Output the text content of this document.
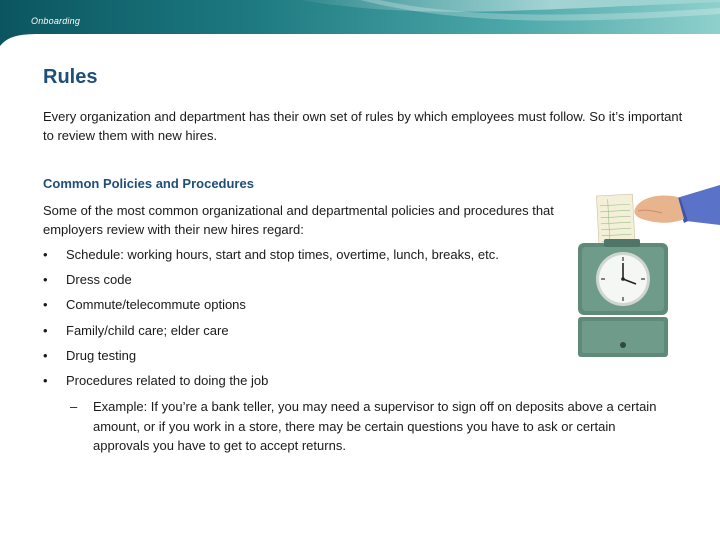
Onboarding
Rules

Every organization and department has their own set of rules by which employees must follow. So it’s important to review them with new hires.

Common Policies and Procedures

Some of the most common organizational and departmental policies and procedures that employers review with their new hires regard:

• Schedule: working hours, start and stop times, overtime, lunch, breaks, etc.
• Dress code
• Commute/telecommute options
• Family/child care; elder care
• Drug testing
• Procedures related to doing the job
–	Example: If you’re a bank teller, you may need a supervisor to sign off on deposits above a certain amount, or if you work in a store, there may be certain questions you have to ask or certain approvals you have to get to accept returns.
